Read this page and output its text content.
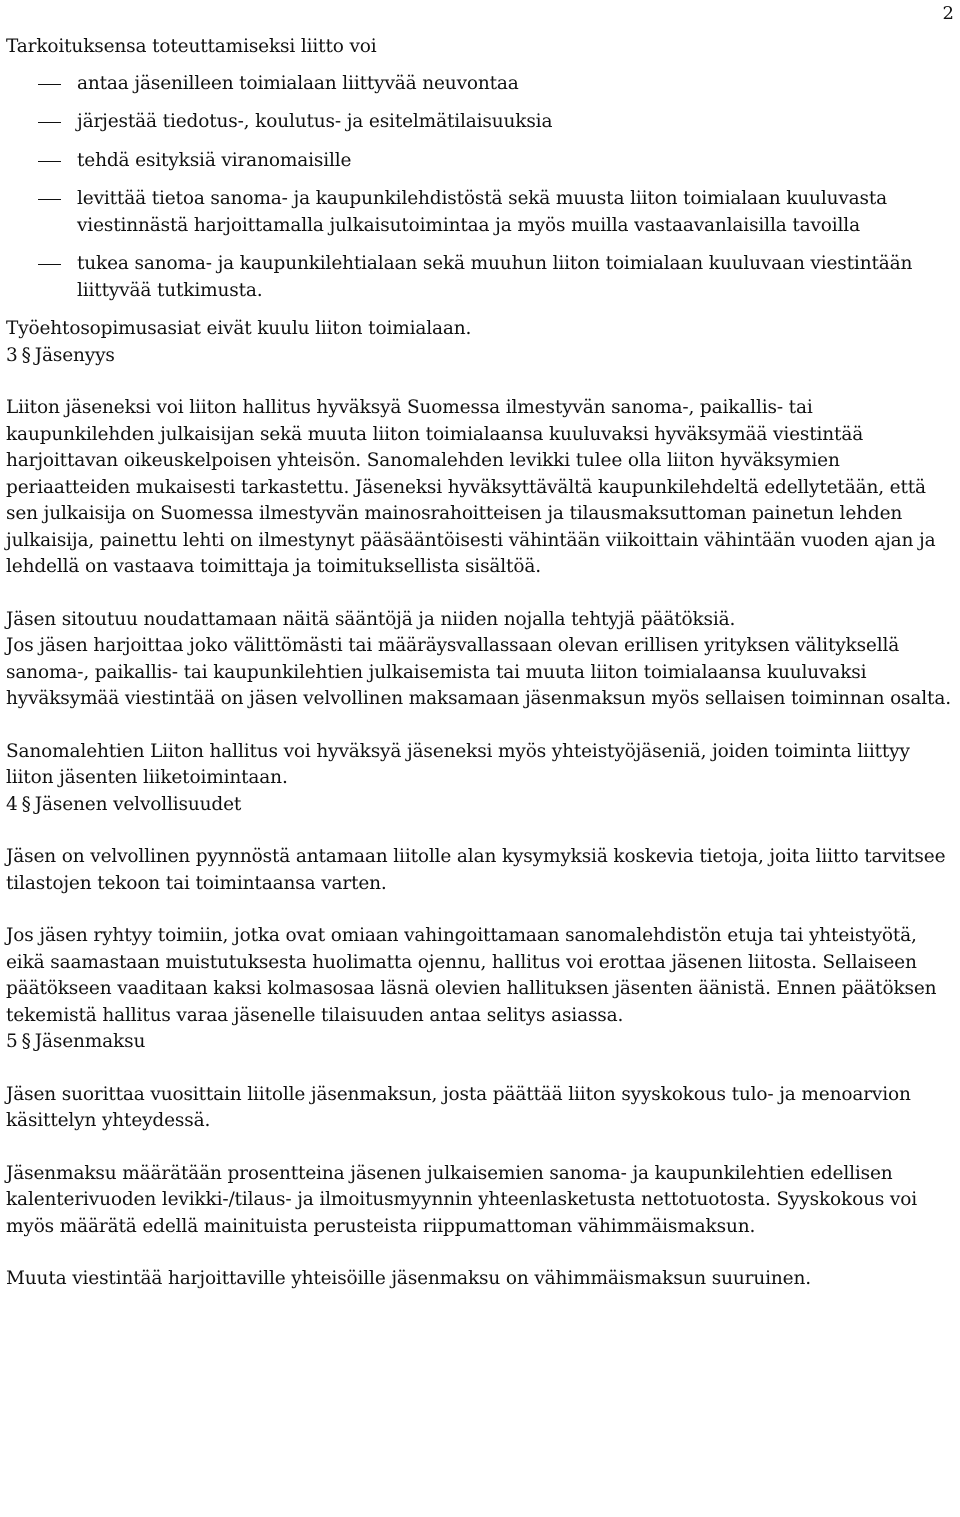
2

Tarkoituksensa toteuttamiseksi liitto voi

antaa jäsenilleen toimialaan liittyvää neuvontaa
järjestää tiedotus-, koulutus- ja esitelmätilaisuuksia
tehdä esityksiä viranomaisille
levittää tietoa sanoma- ja kaupunkilehdistöstä sekä muusta liiton toimialaan kuuluvasta viestinnästä harjoittamalla julkaisutoimintaa ja myös muilla vastaavanlaisilla tavoilla
tukea sanoma- ja kaupunkilehtialaan sekä muuhun liiton toimialaan kuuluvaan viestintään liittyvää tutkimusta.

Työehtosopimusasiat eivät kuulu liiton toimialaan.

3 § Jäsenyys

Liiton jäseneksi voi liiton hallitus hyväksyä Suomessa ilmestyvän sanoma-, paikallis- tai kaupunkilehden julkaisijan sekä muuta liiton toimialaansa kuuluvaksi hyväksymää viestintää harjoittavan oikeuskelpoisen yhteisön. Sanomalehden levikki tulee olla liiton hyväksymien periaatteiden mukaisesti tarkastettu. Jäseneksi hyväksyttävältä kaupunkilehdeltä edellytetään, että sen julkaisija on Suomessa ilmestyvän mainosrahoitteisen ja tilausmaksuttoman painetun lehden julkaisija, painettu lehti on ilmestynyt pääsääntöisesti vähintään viikoittain vähintään vuoden ajan ja lehdellä on vastaava toimittaja ja toimituksellista sisältöä.

Jäsen sitoutuu noudattamaan näitä sääntöjä ja niiden nojalla tehtyjä päätöksiä.

Jos jäsen harjoittaa joko välittömästi tai määräysvallassaan olevan erillisen yrityksen välityksellä sanoma-, paikallis- tai kaupunkilehtien julkaisemista tai muuta liiton toimialaansa kuuluvaksi hyväksymää viestintää on jäsen velvollinen maksamaan jäsenmaksun myös sellaisen toiminnan osalta.

Sanomalehtien Liiton hallitus voi hyväksyä jäseneksi myös yhteistyöjäseniä, joiden toiminta liittyy liiton jäsenten liiketoimintaan.

4 § Jäsenen velvollisuudet

Jäsen on velvollinen pyynnöstä antamaan liitolle alan kysymyksiä koskevia tietoja, joita liitto tarvitsee tilastojen tekoon tai toimintaansa varten.

Jos jäsen ryhtyy toimiin, jotka ovat omiaan vahingoittamaan sanomalehdistön etuja tai yhteistyötä, eikä saamastaan muistutuksesta huolimatta ojennu, hallitus voi erottaa jäsenen liitosta. Sellaiseen päätökseen vaaditaan kaksi kolmasosaa läsnä olevien hallituksen jäsenten äänistä. Ennen päätöksen tekemistä hallitus varaa jäsenelle tilaisuuden antaa selitys asiassa.

5 § Jäsenmaksu

Jäsen suorittaa vuosittain liitolle jäsenmaksun, josta päättää liiton syyskokous tulo- ja menoarvion käsittelyn yhteydessä.

Jäsenmaksu määrätään prosentteina jäsenen julkaisemien sanoma- ja kaupunkilehtien edellisen kalenterivuoden levikki-/tilaus- ja ilmoitusmyynnin yhteenlasketusta nettotuotosta. Syyskokous voi myös määrätä edellä mainituista perusteista riippumattoman vähimmäismaksun.

Muuta viestintää harjoittaville yhteisöille jäsenmaksu on vähimmäismaksun suuruinen.
